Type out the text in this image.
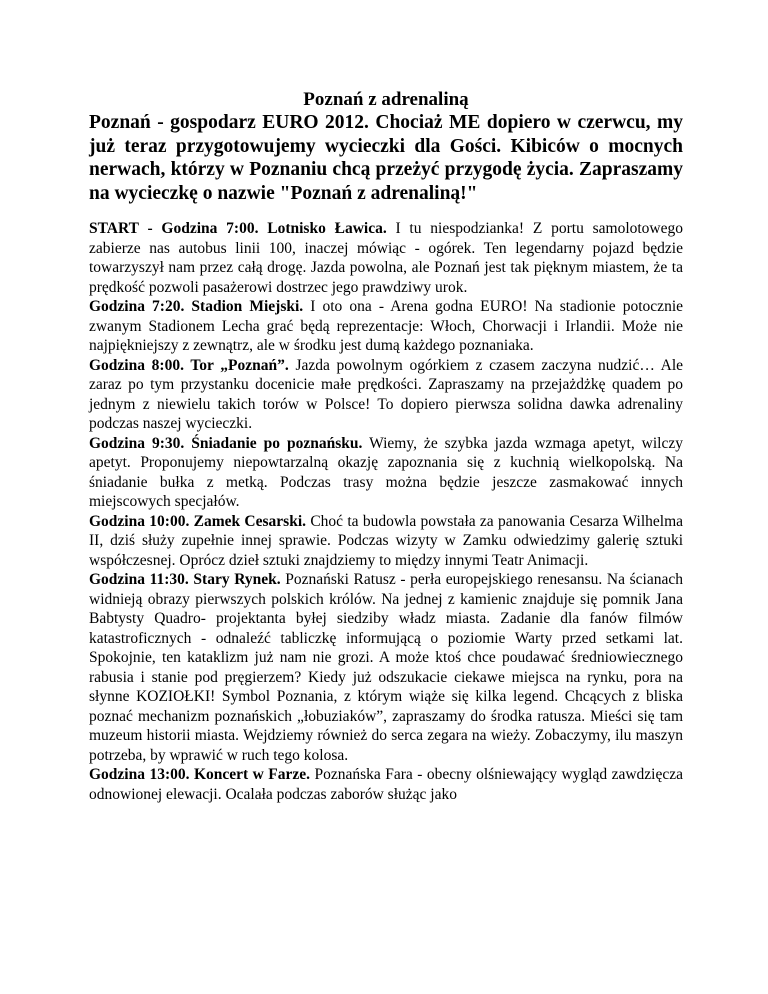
Poznań z adrenaliną

Poznań - gospodarz EURO 2012. Chociaż ME dopiero w czerwcu, my już teraz przygotowujemy wycieczki dla Gości. Kibiców o mocnych nerwach, którzy w Poznaniu chcą przeżyć przygodę życia. Zapraszamy na wycieczkę o nazwie "Poznań z adrenaliną!"

START - Godzina 7:00. Lotnisko Ławica. I tu niespodzianka! Z portu samolotowego zabierze nas autobus linii 100, inaczej mówiąc - ogórek. Ten legendarny pojazd będzie towarzyszył nam przez całą drogę. Jazda powolna, ale Poznań jest tak pięknym miastem, że ta prędkość pozwoli pasażerowi dostrzec jego prawdziwy urok.

Godzina 7:20. Stadion Miejski. I oto ona - Arena godna EURO! Na stadionie potocznie zwanym Stadionem Lecha grać będą reprezentacje: Włoch, Chorwacji i Irlandii. Może nie najpiękniejszy z zewnątrz, ale w środku jest dumą każdego poznaniaka.

Godzina 8:00. Tor „Poznań”. Jazda powolnym ogórkiem z czasem zaczyna nudzić… Ale zaraz po tym przystanku docenicie małe prędkości. Zapraszamy na przejażdżkę quadem po jednym z niewielu takich torów w Polsce! To dopiero pierwsza solidna dawka adrenaliny podczas naszej wycieczki.

Godzina 9:30. Śniadanie po poznańsku. Wiemy, że szybka jazda wzmaga apetyt, wilczy apetyt. Proponujemy niepowtarzalną okazję zapoznania się z kuchnią wielkopolską. Na śniadanie bułka z metką. Podczas trasy można będzie jeszcze zasmakować innych miejscowych specjałów.

Godzina 10:00. Zamek Cesarski. Choć ta budowla powstała za panowania Cesarza Wilhelma II, dziś służy zupełnie innej sprawie. Podczas wizyty w Zamku odwiedzimy galerię sztuki współczesnej. Oprócz dzieł sztuki znajdziemy to między innymi Teatr Animacji.

Godzina 11:30. Stary Rynek. Poznański Ratusz - perła europejskiego renesansu. Na ścianach widnieją obrazy pierwszych polskich królów. Na jednej z kamienic znajduje się pomnik Jana Babtysty Quadro- projektanta byłej siedziby władz miasta. Zadanie dla fanów filmów katastroficznych - odnaleźć tabliczkę informującą o poziomie Warty przed setkami lat. Spokojnie, ten kataklizm już nam nie grozi. A może ktoś chce poudawać średniowiecznego rabusia i stanie pod pręgierzem? Kiedy już odszukacie ciekawe miejsca na rynku, pora na słynne KOZIOŁKI! Symbol Poznania, z którym wiąże się kilka legend. Chcących z bliska poznać mechanizm poznańskich „łobuziaków”, zapraszamy do środka ratusza. Mieści się tam muzeum historii miasta. Wejdziemy również do serca zegara na wieży. Zobaczymy, ilu maszyn potrzeba, by wprawić w ruch tego kolosa.

Godzina 13:00. Koncert w Farze. Poznańska Fara - obecny olśniewający wygląd zawdzięcza odnowionej elewacji. Ocalała podczas zaborów służąc jako
